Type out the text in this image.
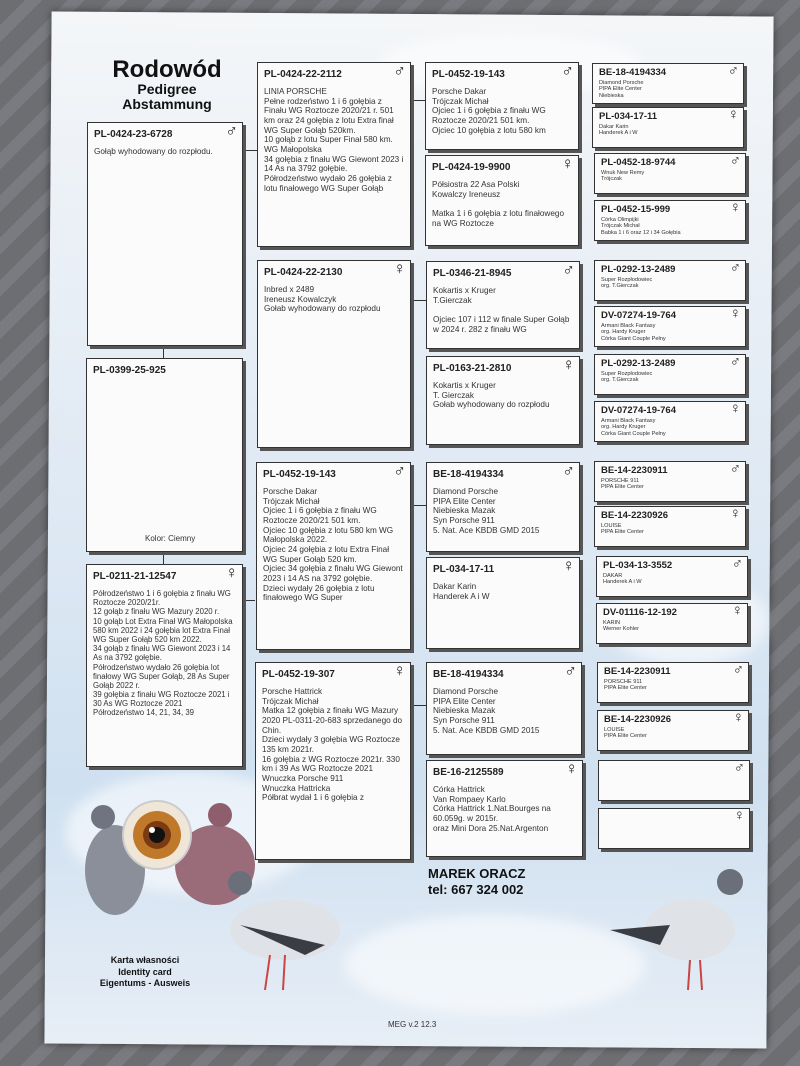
Rodowód
Pedigree
Abstammung
PL-0424-23-6728	♂
Gołąb wyhodowany do rozpłodu.
PL-0399-25-925
Kolor: Ciemny
PL-0211-21-12547	♀
Półrodzeństwo 1 i 6 gołębia z finału WG Roztocze 2020/21r.
12 gołąb z finału WG Mazury 2020 r.
10 gołąb Lot Extra Finał WG Małopolska 580 km 2022 i 24 gołębia lot Extra Finał WG Super Gołąb 520 km 2022.
34 gołąb z finału WG Giewont 2023 i 14 As na 3792 gołębie.
Półrodzeństwo wydało 26 gołębia lot finałowy WG Super Gołąb, 28 As Super Gołąb 2022 r.
39 gołębia z finału WG Roztocze 2021 i 30 As WG Roztocze 2021
Półrodzeństwo 14, 21, 34, 39
PL-0424-22-2112	♂
LINIA PORSCHE
Pełne rodzeństwo 1 i 6 gołębia z Finału WG Roztocze 2020/21 r. 501 km oraz 24 gołębia z lotu Extra finał WG Super Gołąb 520km.
10 gołąb z lotu Super Finał 580 km. WG Małopolska
34 gołębia z finału WG Giewont 2023 i 14 As na 3792 gołębie.
Półrodzeństwo wydało 26 gołębia z lotu finałowego WG Super Gołąb
PL-0424-22-2130	♀
Inbred x 2489
Ireneusz Kowalczyk
Gołab wyhodowany do rozpłodu
PL-0452-19-143	♂
Porsche Dakar
Trójczak Michał
Ojciec 1 i 6 gołębia z finału WG Roztocze 2020/21 501 km.
Ojciec 10 gołębia z lotu 580 km WG Małopolska 2022.
Ojciec 24 gołębia z lotu Extra Finał WG Super Gołąb 520 km.
Ojciec 34 gołębia z finału WG Giewont 2023 i 14 AS na 3792 gołębie.
Dzieci wydały 26 gołębia z lotu finałowego WG Super
PL-0452-19-307	♀
Porsche Hattrick
Trójczak Michał
Matka 12 gołębia z finału WG Mazury 2020 PL-0311-20-683 sprzedanego do Chin.
Dzieci wydały 3 gołębia WG Roztocze 135 km 2021r.
16 gołębia z WG Roztocze 2021r. 330 km i 39 As WG Roztocze 2021
Wnuczka Porsche 911
Wnuczka Hattricka
Półbrat wydał 1 i 6 gołębia z
PL-0452-19-143	♂
Porsche Dakar
Trójczak Michał
Ojciec 1 i 6 gołębia z finału WG Roztocze 2020/21 501 km.
Ojciec 10 gołębia z lotu 580 km
PL-0424-19-9900	♀
Półsiostra 22 Asa Polski
Kowalczy Ireneusz

Matka 1 i 6 gołębia z lotu finałowego na WG Roztocze
PL-0346-21-8945	♂
Kokartis x Kruger
T.Gierczak

Ojciec 107 i 112 w finale Super Gołąb w 2024 r. 282 z finału WG
PL-0163-21-2810	♀
Kokartis x Kruger
T. Gierczak
Gołab wyhodowany do rozpłodu
BE-18-4194334	♂
Diamond Porsche
PIPA Elite Center
Niebieska Mazak
Syn Porsche 911
5. Nat. Ace KBDB GMD 2015
PL-034-17-11	♀
Dakar Karin
Handerek A i W
BE-18-4194334	♂
Diamond Porsche
PIPA Elite Center
Niebieska Mazak
Syn Porsche 911
5. Nat. Ace KBDB GMD 2015
BE-16-2125589	♀
Córka Hattrick
Van Rompaey Karlo
Córka Hattrick 1.Nat.Bourges na 60.059g. w 2015r.
oraz Mini Dora 25.Nat.Argenton
BE-18-4194334	♂
Diamond Porsche
PIPA Elite Center
Niebieska
PL-034-17-11	♀
Dakar Karin
Handerek A i W
PL-0452-18-9744	♂
Wnuk New Remy
Trójczak
PL-0452-15-999	♀
Córka Olimpijki
Trójczak Michał
Babka 1 i 6 oraz 12 i 34 Gołębia
PL-0292-13-2489	♂
Super Rozpłodowiec
org. T.Gierczak
DV-07274-19-764	♀
Armani Black Fantasy
org. Hardy Kruger
Córka Giant Couple Pełny
PL-0292-13-2489	♂
Super Rozpłodowiec
org. T.Gierczak
DV-07274-19-764	♀
Armani Black Fantasy
org. Hardy Kruger
Córka Giant Couple Pełny
BE-14-2230911	♂
PORSCHE 911
PIPA Elite Center
BE-14-2230926	♀
LOUISE
PIPA Elite Center
PL-034-13-3552	♂
DAKAR
Handerek A i W
DV-01116-12-192	♀
KARIN
Werner Kohler
BE-14-2230911	♂
PORSCHE 911
PIPA Elite Center
BE-14-2230926	♀
LOUISE
PIPA Elite Center
♂
♀
MAREK ORACZ
tel: 667 324 002
Karta własności
Identity card
Eigentums - Ausweis
MEG v.2 12.3
